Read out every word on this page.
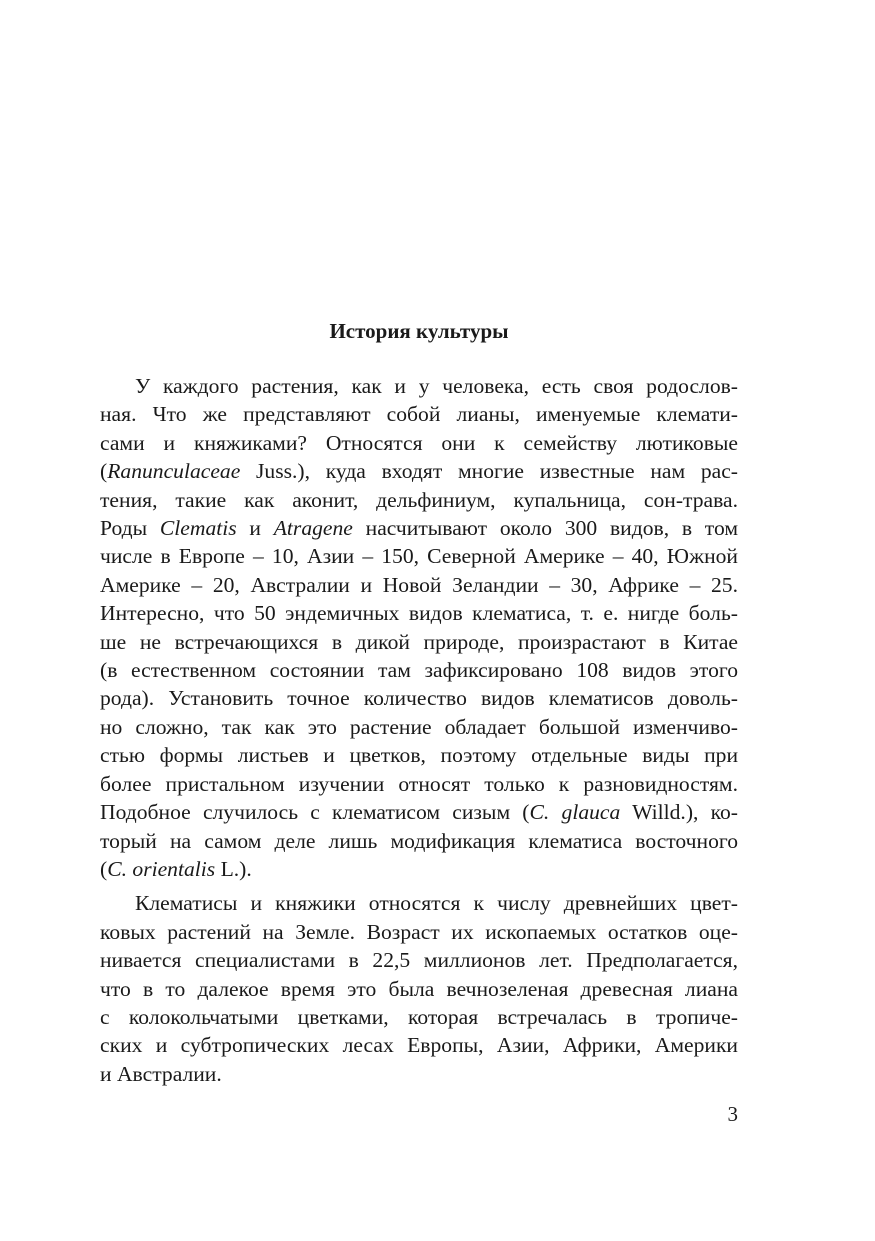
История культуры
У каждого растения, как и у человека, есть своя родослов-
ная. Что же представляют собой лианы, именуемые клемати-
сами и княжиками? Относятся они к семейству лютиковые
(Ranunculaceae Juss.), куда входят многие известные нам рас-
тения, такие как аконит, дельфиниум, купальница, сон-трава.
Роды Clematis и Atragene насчитывают около 300 видов, в том
числе в Европе – 10, Азии – 150, Северной Америке – 40, Южной
Америке – 20, Австралии и Новой Зеландии – 30, Африке – 25.
Интересно, что 50 эндемичных видов клематиса, т. е. нигде боль-
ше не встречающихся в дикой природе, произрастают в Китае
(в естественном состоянии там зафиксировано 108 видов этого
рода). Установить точное количество видов клематисов доволь-
но сложно, так как это растение обладает большой изменчиво-
стью формы листьев и цветков, поэтому отдельные виды при
более пристальном изучении относят только к разновидностям.
Подобное случилось с клематисом сизым (C. glauca Willd.), ко-
торый на самом деле лишь модификация клематиса восточного
(C. orientalis L.).
Клематисы и княжики относятся к числу древнейших цвет-
ковых растений на Земле. Возраст их ископаемых остатков оце-
нивается специалистами в 22,5 миллионов лет. Предполагается,
что в то далекое время это была вечнозеленая древесная лиана
с колокольчатыми цветками, которая встречалась в тропиче-
ских и субтропических лесах Европы, Азии, Африки, Америки
и Австралии.
3
